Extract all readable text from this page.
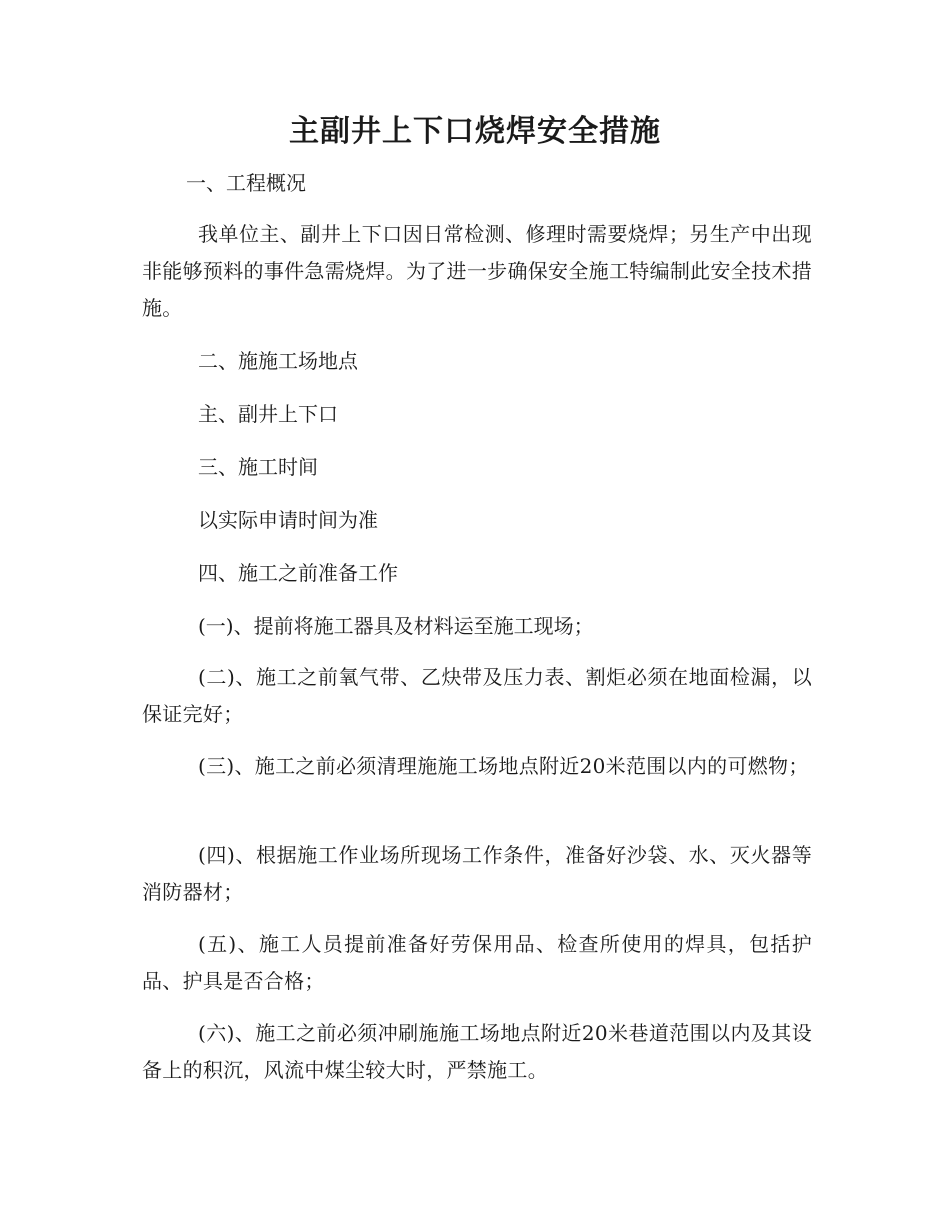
主副井上下口烧焊安全措施
一、工程概况
我单位主、副井上下口因日常检测、修理时需要烧焊；另生产中出现非能够预料的事件急需烧焊。为了进一步确保安全施工特编制此安全技术措施。
二、施施工场地点
主、副井上下口
三、施工时间
以实际申请时间为准
四、施工之前准备工作
(一)、提前将施工器具及材料运至施工现场；
(二)、施工之前氧气带、乙炔带及压力表、割炬必须在地面检漏，以保证完好；
(三)、施工之前必须清理施施工场地点附近20米范围以内的可燃物；
(四)、根据施工作业场所现场工作条件，准备好沙袋、水、灭火器等消防器材；
(五)、施工人员提前准备好劳保用品、检查所使用的焊具，包括护品、护具是否合格；
(六)、施工之前必须冲刷施施工场地点附近20米巷道范围以内及其设备上的积沉，风流中煤尘较大时，严禁施工。
